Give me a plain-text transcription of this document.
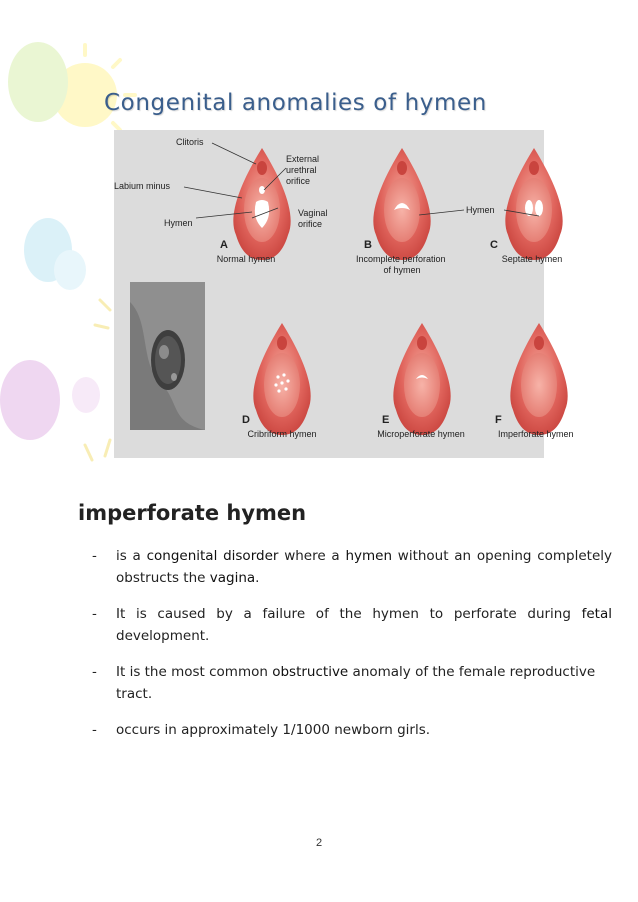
Congenital anomalies of hymen
Clitoris
External urethral orifice
Labium minus
Vaginal orifice
Hymen
Hymen
A	B	C
D	E	F
Normal hymen	Incomplete perforation of hymen
Septate hymen
Cribriform hymen	Microperforate hymen	Imperforate hymen
imperforate hymen
- is a congenital disorder where a hymen without an opening completely obstructs the vagina.
- It is caused by a failure of the hymen to perforate during fetal development.
- It is the most common obstructive anomaly of the female reproductive tract.
- occurs in approximately 1/1000 newborn girls.
2
